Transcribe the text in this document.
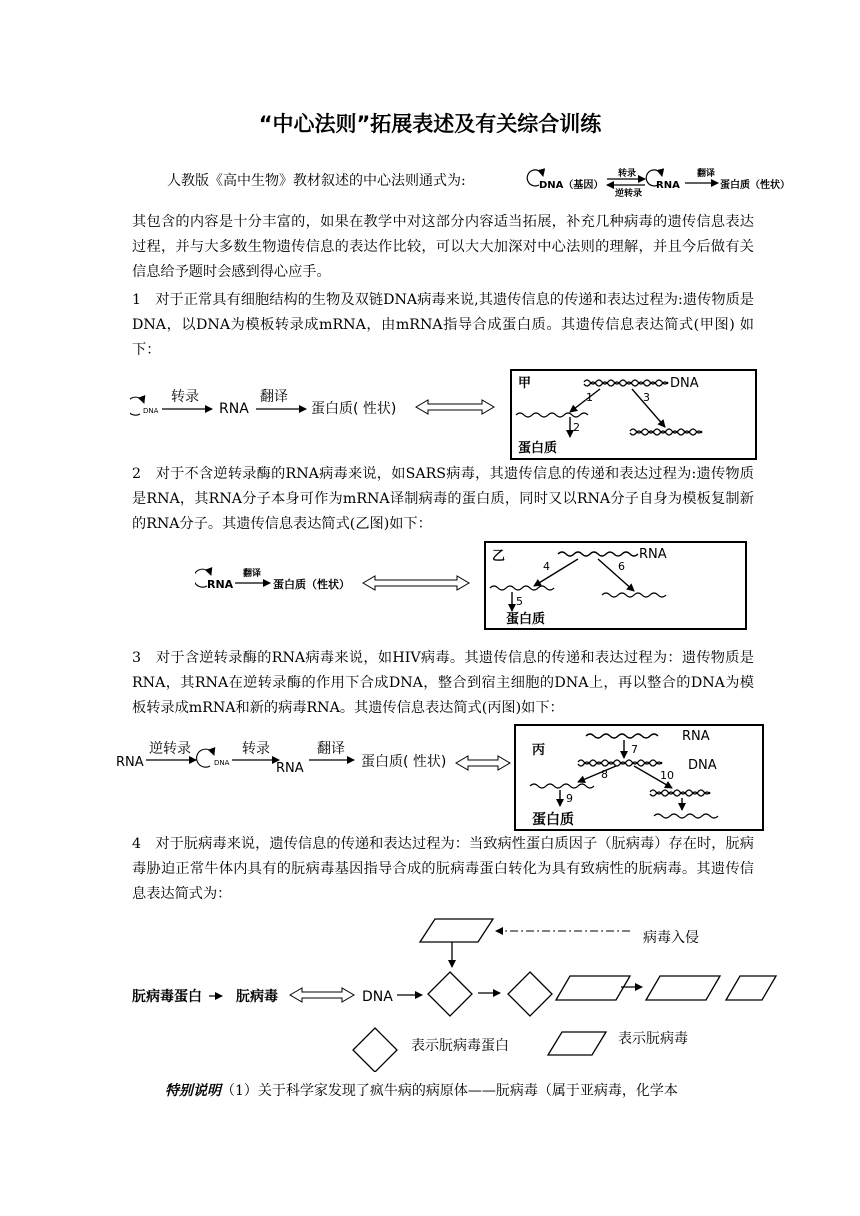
“中心法则”拓展表述及有关综合训练
人教版《高中生物》教材叙述的中心法则通式为:	DNA（基因）
转录
逆转录
RNA
翻译
蛋白质（性状）
其包含的内容是十分丰富的，如果在教学中对这部分内容适当拓展，补充几种病毒的遗传信息表达过程，并与大多数生物遗传信息的表达作比较，可以大大加深对中心法则的理解，并且今后做有关信息给予题时会感到得心应手。
1　对于正常具有细胞结构的生物及双链DNA病毒来说,其遗传信息的传递和表达过程为:遗传物质是DNA，以DNA为模板转录成mRNA，由mRNA指导合成蛋白质。其遗传信息表达简式(甲图) 如下：
DNA
转录
RNA
翻译
蛋白质( 性状)
甲	DNA
1
2
蛋白质
3
2　对于不含逆转录酶的RNA病毒来说，如SARS病毒，其遗传信息的传递和表达过程为:遗传物质是RNA，其RNA分子本身可作为mRNA译制病毒的蛋白质，同时又以RNA分子自身为模板复制新的RNA分子。其遗传信息表达简式(乙图)如下：
RNA
翻译
蛋白质（性状）
乙	RNA
4
5
蛋白质
6
3　对于含逆转录酶的RNA病毒来说，如HIV病毒。其遗传信息的传递和表达过程为：遗传物质是RNA，其RNA在逆转录酶的作用下合成DNA，整合到宿主细胞的DNA上，再以整合的DNA为模板转录成mRNA和新的病毒RNA。其遗传信息表达简式(丙图)如下：
RNA
逆转录
DNA
转录
RNA
翻译
蛋白质( 性状)
丙
RNA
7
DNA
8
9
蛋白质
10
4　对于朊病毒来说，遗传信息的传递和表达过程为：当致病性蛋白质因子（朊病毒）存在时，朊病毒胁迫正常牛体内具有的朊病毒基因指导合成的朊病毒蛋白转化为具有致病性的朊病毒。其遗传信息表达简式为：
病毒入侵
朊病毒蛋白 朊病毒	DNA
表示朊病毒蛋白	表示朊病毒
特别说明（1）关于科学家发现了疯牛病的病原体——朊病毒（属于亚病毒，化学本
